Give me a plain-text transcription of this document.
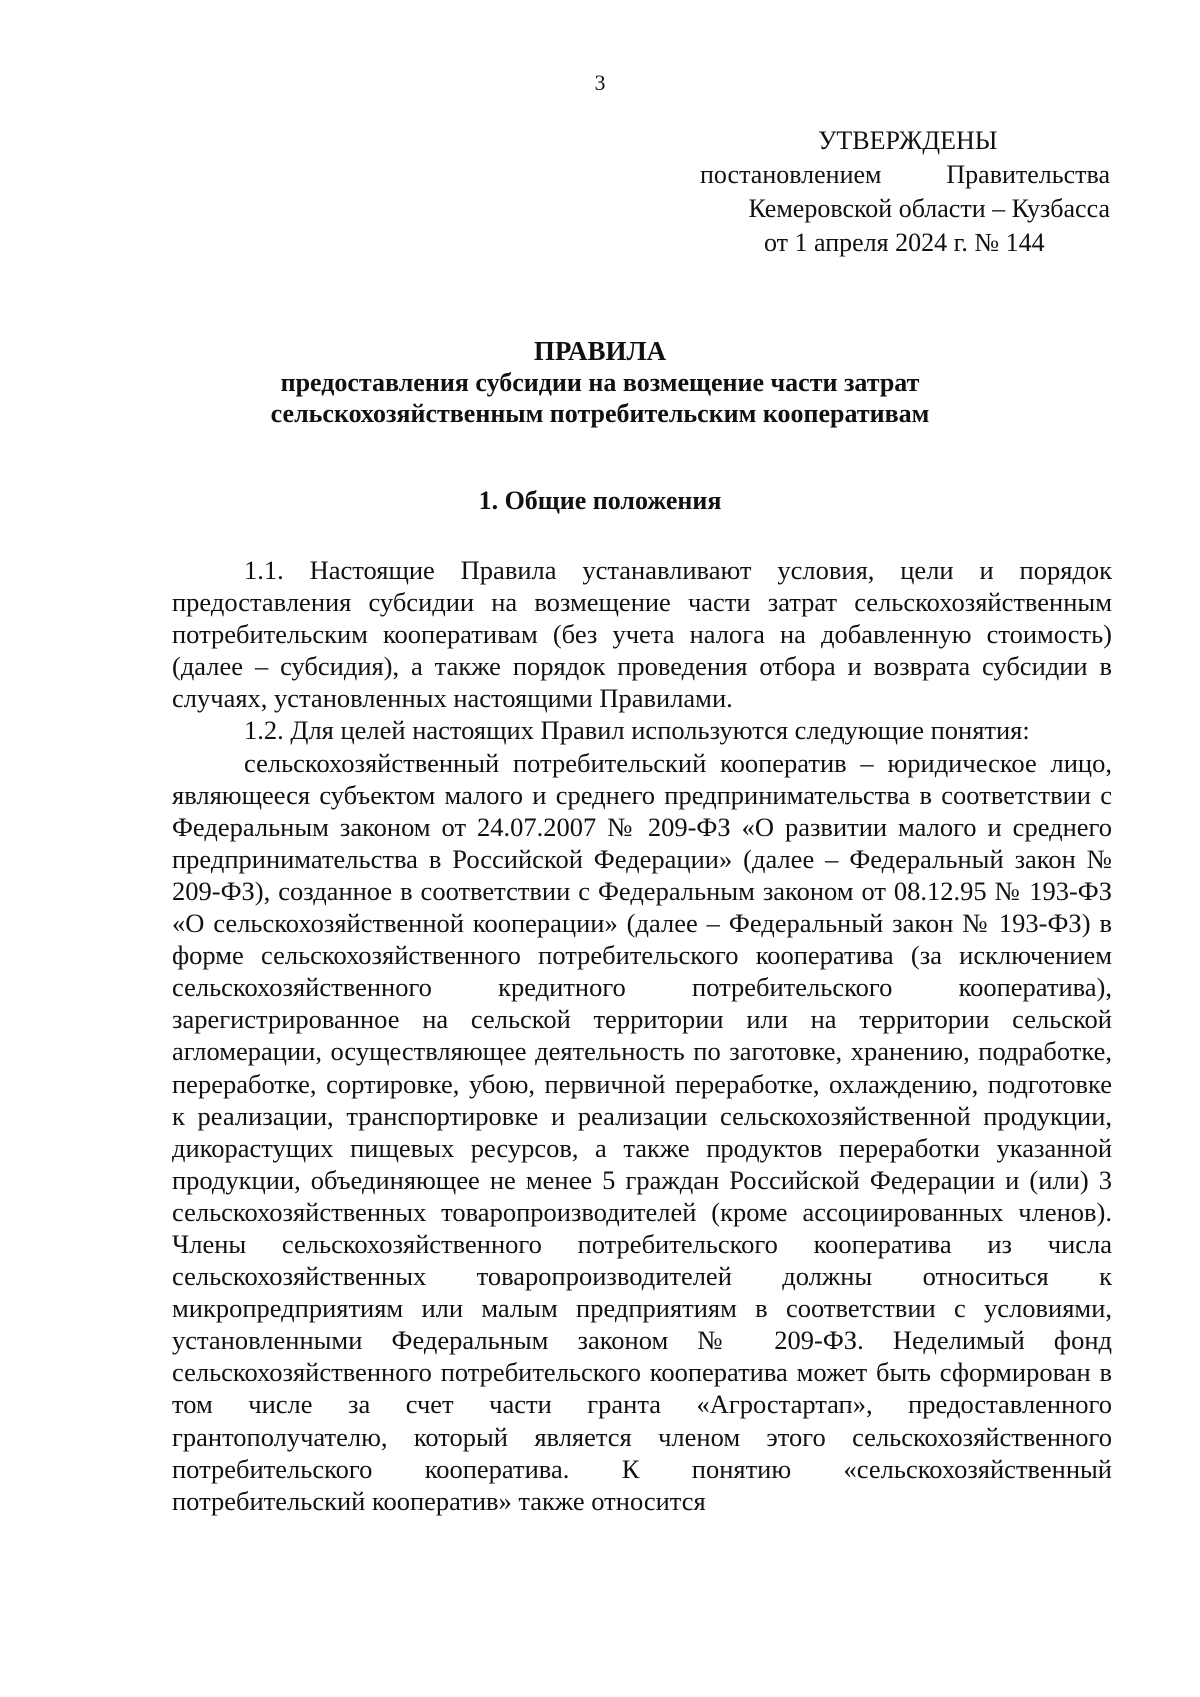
3
УТВЕРЖДЕНЫ
постановлением Правительства
Кемеровской области – Кузбасса
от 1 апреля 2024 г. № 144
ПРАВИЛА
предоставления субсидии на возмещение части затрат
сельскохозяйственным потребительским кооперативам
1. Общие положения

1.1. Настоящие Правила устанавливают условия, цели и порядок предоставления субсидии на возмещение части затрат сельскохозяйственным потребительским кооперативам (без учета налога на добавленную стоимость) (далее – субсидия), а также порядок проведения отбора и возврата субсидии в случаях, установленных настоящими Правилами.

1.2. Для целей настоящих Правил используются следующие понятия:

сельскохозяйственный потребительский кооператив – юридическое лицо, являющееся субъектом малого и среднего предпринимательства в соответствии с Федеральным законом от 24.07.2007 № 209-ФЗ «О развитии малого и среднего предпринимательства в Российской Федерации» (далее – Федеральный закон № 209-ФЗ), созданное в соответствии с Федеральным законом от 08.12.95 № 193-ФЗ «О сельскохозяйственной кооперации» (далее – Федеральный закон № 193-ФЗ) в форме сельскохозяйственного потребительского кооператива (за исключением сельскохозяйственного кредитного потребительского кооператива), зарегистрированное на сельской территории или на территории сельской агломерации, осуществляющее деятельность по заготовке, хранению, подработке, переработке, сортировке, убою, первичной переработке, охлаждению, подготовке к реализации, транспортировке и реализации сельскохозяйственной продукции, дикорастущих пищевых ресурсов, а также продуктов переработки указанной продукции, объединяющее не менее 5 граждан Российской Федерации и (или) 3 сельскохозяйственных товаропроизводителей (кроме ассоциированных членов). Члены сельскохозяйственного потребительского кооператива из числа сельскохозяйственных товаропроизводителей должны относиться к микропредприятиям или малым предприятиям в соответствии с условиями, установленными Федеральным законом № 209-ФЗ. Неделимый фонд сельскохозяйственного потребительского кооператива может быть сформирован в том числе за счет части гранта «Агростартап», предоставленного грантополучателю, который является членом этого сельскохозяйственного потребительского кооператива. К понятию «сельскохозяйственный потребительский кооператив» также относится
